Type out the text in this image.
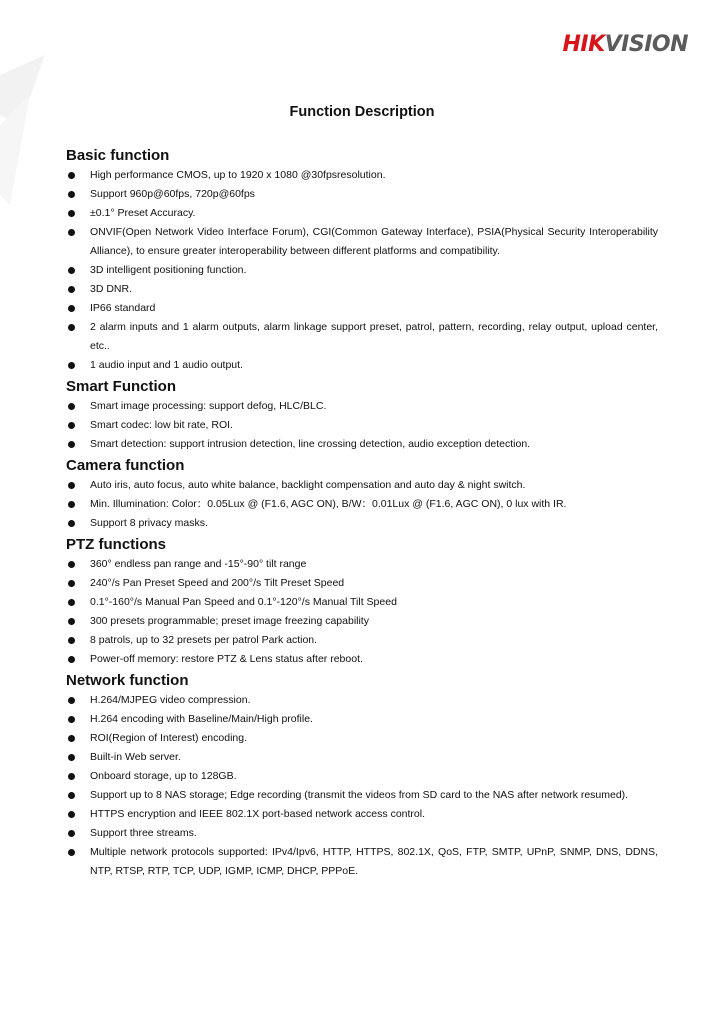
HIKVISION
Function Description
Basic function
High performance CMOS, up to 1920 x 1080 @30fpsresolution.
Support 960p@60fps, 720p@60fps
±0.1° Preset Accuracy.
ONVIF(Open Network Video Interface Forum), CGI(Common Gateway Interface), PSIA(Physical Security Interoperability Alliance), to ensure greater interoperability between different platforms and compatibility.
3D intelligent positioning function.
3D DNR.
IP66 standard
2 alarm inputs and 1 alarm outputs, alarm linkage support preset, patrol, pattern, recording, relay output, upload center, etc..
1 audio input and 1 audio output.
Smart Function
Smart image processing: support defog, HLC/BLC.
Smart codec: low bit rate, ROI.
Smart detection: support intrusion detection, line crossing detection, audio exception detection.
Camera function
Auto iris, auto focus, auto white balance, backlight compensation and auto day & night switch.
Min. Illumination: Color：0.05Lux @ (F1.6, AGC ON), B/W：0.01Lux @ (F1.6, AGC ON), 0 lux with IR.
Support 8 privacy masks.
PTZ functions
360° endless pan range and -15°-90° tilt range
240°/s Pan Preset Speed and 200°/s Tilt Preset Speed
0.1°-160°/s Manual Pan Speed and 0.1°-120°/s Manual Tilt Speed
300 presets programmable; preset image freezing capability
8 patrols, up to 32 presets per patrol Park action.
Power-off memory: restore PTZ & Lens status after reboot.
Network function
H.264/MJPEG video compression.
H.264 encoding with Baseline/Main/High profile.
ROI(Region of Interest) encoding.
Built-in Web server.
Onboard storage, up to 128GB.
Support up to 8 NAS storage; Edge recording (transmit the videos from SD card to the NAS after network resumed).
HTTPS encryption and IEEE 802.1X port-based network access control.
Support three streams.
Multiple network protocols supported: IPv4/Ipv6, HTTP, HTTPS, 802.1X, QoS, FTP, SMTP, UPnP, SNMP, DNS, DDNS, NTP, RTSP, RTP, TCP, UDP, IGMP, ICMP, DHCP, PPPoE.
